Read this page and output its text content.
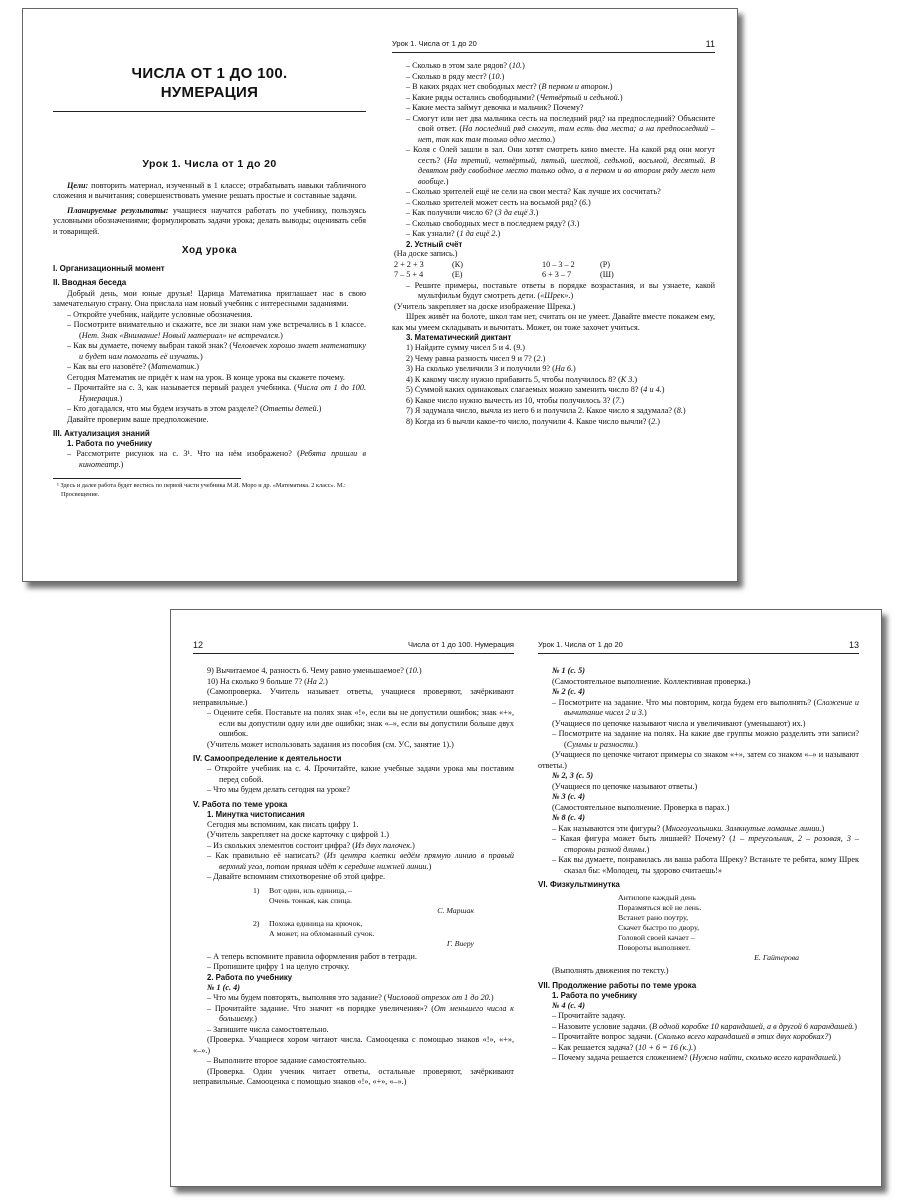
ЧИСЛА ОТ 1 ДО 100.
НУМЕРАЦИЯ
Урок 1. Числа от 1 до 20

Цели: повторить материал, изученный в 1 классе; отрабатывать навыки табличного сложения и вычитания; совершенствовать умение решать простые и составные задачи.

Планируемые результаты: учащиеся научатся работать по учебнику, пользуясь условными обозначениями; формулировать задачи урока; делать выводы; оценивать себя и товарищей.

Ход урока
I. Организационный момент
II. Вводная беседа

Добрый день, мои юные друзья! Царица Математика приглашает нас в свою замечательную страну. Она прислала нам новый учебник с интересными заданиями.

– Откройте учебник, найдите условные обозначения.

– Посмотрите внимательно и скажите, все ли знаки нам уже встречались в 1 классе. (Нет. Знак «Внимание! Новый материал» не встречался.)

– Как вы думаете, почему выбран такой знак? (Человечек хорошо знает математику и будет нам помогать её изучать.)

– Как вы его назовёте? (Математик.)

Сегодня Математик не придёт к нам на урок. В конце урока вы скажете почему.

– Прочитайте на с. 3, как называется первый раздел учебника. (Числа от 1 до 100. Нумерация.)

– Кто догадался, что мы будем изучать в этом разделе? (Ответы детей.)

Давайте проверим ваше предположение.

III. Актуализация знаний
1. Работа по учебнику

– Рассмотрите рисунок на с. 3¹. Что на нём изображено? (Ребята пришли в кинотеатр.)

¹ Здесь и далее работа будет вестись по первой части учебника М.И. Моро и др. «Математика. 2 класс». М.: Просвещение.
Урок 1. Числа от 1 до 20	11

– Сколько в этом зале рядов? (10.)

– Сколько в ряду мест? (10.)

– В каких рядах нет свободных мест? (В первом и втором.)

– Какие ряды остались свободными? (Четвёртый и седьмой.)

– Какие места займут девочка и мальчик? Почему?

– Смогут или нет два мальчика сесть на последний ряд? на предпоследний? Объясните свой ответ. (На последний ряд смогут, там есть два места; а на предпоследний – нет, так как там только одно место.)

– Коля с Олей зашли в зал. Они хотят смотреть кино вместе. На какой ряд они могут сесть? (На третий, четвёртый, пятый, шестой, седьмой, восьмой, десятый. В девятом ряду свободное место только одно, а в первом и во втором ряду мест нет вообще.)

– Сколько зрителей ещё не сели на свои места? Как лучше их сосчитать?

– Сколько зрителей может сесть на восьмой ряд? (6.)

– Как получили число 6? (3 да ещё 3.)

– Сколько свободных мест в последнем ряду? (3.)

– Как узнали? (1 да ещё 2.)

2. Устный счёт

(На доске запись.)

2 + 2 + 3	(К)	10 – 3 – 2	(Р)
7 – 5 + 4	(Е)	6 + 3 – 7	(Ш)

– Решите примеры, поставьте ответы в порядке возрастания, и вы узнаете, какой мультфильм будут смотреть дети. («Шрек».)

(Учитель закрепляет на доске изображение Шрека.)

Шрек живёт на болоте, школ там нет, считать он не умеет. Давайте вместе покажем ему, как мы умеем складывать и вычитать. Может, он тоже захочет учиться.

3. Математический диктант

1) Найдите сумму чисел 5 и 4. (9.)

2) Чему равна разность чисел 9 и 7? (2.)

3) На сколько увеличили 3 и получили 9? (На 6.)

4) К какому числу нужно прибавить 5, чтобы получилось 8? (К 3.)

5) Суммой каких одинаковых слагаемых можно заменить число 8? (4 и 4.)

6) Какое число нужно вычесть из 10, чтобы получилось 3? (7.)

7) Я задумала число, вычла из него 6 и получила 2. Какое число я задумала? (8.)

8) Когда из 6 вычли какое-то число, получили 4. Какое число вычли? (2.)

12	Числа от 1 до 100. Нумерация

9) Вычитаемое 4, разность 6. Чему равно уменьшаемое? (10.)

10) На сколько 9 больше 7? (На 2.)

(Самопроверка. Учитель называет ответы, учащиеся проверяют, зачёркивают неправильные.)

– Оцените себя. Поставьте на полях знак «!», если вы не допустили ошибок; знак «+», если вы допустили одну или две ошибки; знак «–», если вы допустили больше двух ошибок.

(Учитель может использовать задания из пособия (см. УС, занятие 1).)

IV. Самоопределение к деятельности

– Откройте учебник на с. 4. Прочитайте, какие учебные задачи урока мы поставим перед собой.

– Что мы будем делать сегодня на уроке?

V. Работа по теме урока
1. Минутка чистописания

Сегодня мы вспомним, как писать цифру 1.

(Учитель закрепляет на доске карточку с цифрой 1.)

– Из скольких элементов состоит цифра? (Из двух палочек.)

– Как правильно её написать? (Из центра клетки ведём прямую линию в правый верхний угол, потом прямая идёт к середине нижней линии.)

– Давайте вспомним стихотворение об этой цифре.

1) Вот один, иль единица, –
Очень тонкая, как спица.
С. Маршак
2) Похожа единица на крючок,
А может, на обломанный сучок.
Г. Виеру

– А теперь вспомните правила оформления работ в тетради.

– Пропишите цифру 1 на целую строчку.

2. Работа по учебнику
№ 1 (с. 4)

– Что мы будем повторять, выполняя это задание? (Числовой отрезок от 1 до 20.)

– Прочитайте задание. Что значит «в порядке увеличения»? (От меньшего числа к большему.)

– Запишите числа самостоятельно.

(Проверка. Учащиеся хором читают числа. Самооценка с помощью знаков «!», «+», «–».)

– Выполните второе задание самостоятельно.

(Проверка. Один ученик читает ответы, остальные проверяют, зачёркивают неправильные. Самооценка с помощью знаков «!», «+», «–».)

Урок 1. Числа от 1 до 20	13
№ 1 (с. 5)

(Самостоятельное выполнение. Коллективная проверка.)

№ 2 (с. 4)

– Посмотрите на задание. Что мы повторим, когда будем его выполнять? (Сложение и вычитание чисел 2 и 3.)

(Учащиеся по цепочке называют числа и увеличивают (уменьшают) их.)

– Посмотрите на задание на полях. На какие две группы можно разделить эти записи? (Суммы и разности.)

(Учащиеся по цепочке читают примеры со знаком «+», затем со знаком «–» и называют ответы.)

№ 2, 3 (с. 5)

(Учащиеся по цепочке называют ответы.)

№ 3 (с. 4)

(Самостоятельное выполнение. Проверка в парах.)

№ 8 (с. 4)

– Как называются эти фигуры? (Многоугольники. Замкнутые ломаные линии.)

– Какая фигура может быть лишней? Почему? (1 – треугольник, 2 – розовая, 3 – стороны разной длины.)

– Как вы думаете, понравилась ли ваша работа Шреку? Встаньте те ребята, кому Шрек сказал бы: «Молодец, ты здорово считаешь!»

VI. Физкультминутка
Антилопе каждый день
Поразмяться всё не лень.
Встанет рано поутру,
Скачет быстро по двору,
Головой своей качает –
Повороты выполняет.
Е. Гайтерова

(Выполнять движения по тексту.)

VII. Продолжение работы по теме урока
1. Работа по учебнику
№ 4 (с. 4)

– Прочитайте задачу.

– Назовите условие задачи. (В одной коробке 10 карандашей, а в другой 6 карандашей.)

– Прочитайте вопрос задачи. (Сколько всего карандашей в этих двух коробках?)

– Как решается задача? (10 + 6 = 16 (к.).)

– Почему задача решается сложением? (Нужно найти, сколько всего карандашей.)
